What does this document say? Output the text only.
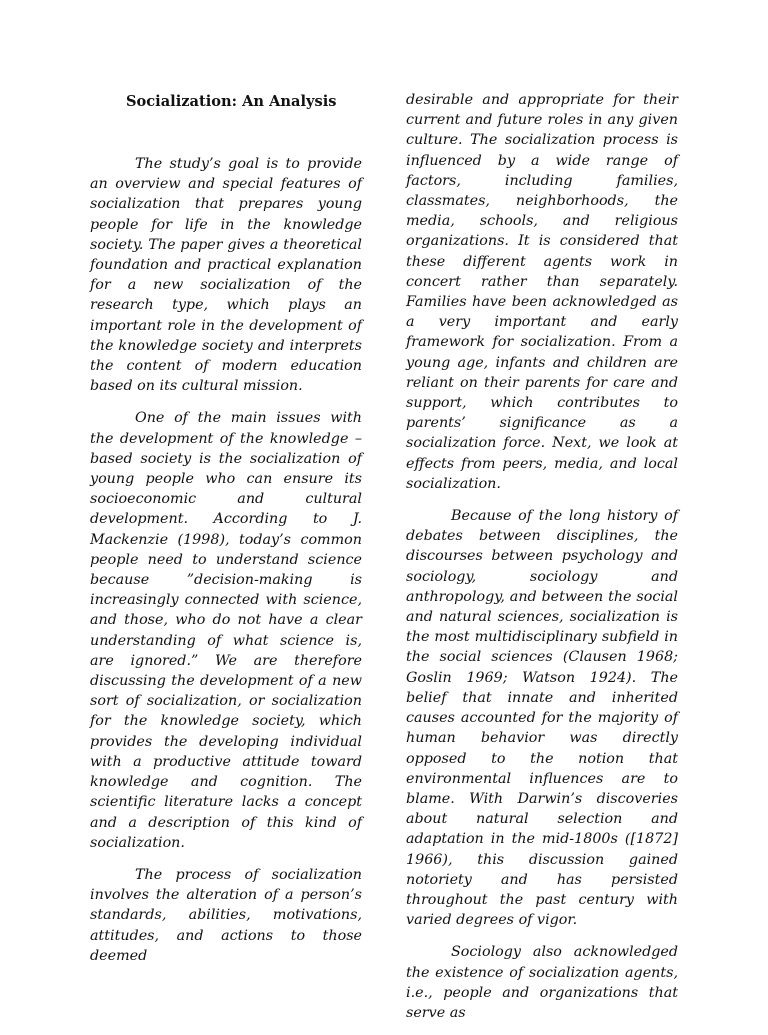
Socialization: An Analysis

The study’s goal is to provide an overview and special features of socialization that prepares young people for life in the knowledge society. The paper gives a theoretical foundation and practical explanation for a new socialization of the research type, which plays an important role in the development of the knowledge society and interprets the content of modern education based on its cultural mission.

One of the main issues with the development of the knowledge – based society is the socialization of young people who can ensure its socioeconomic and cultural development. According to J. Mackenzie (1998), today’s common people need to understand science because ”decision-making is increasingly connected with science, and those, who do not have a clear understanding of what science is, are ignored.” We are therefore discussing the development of a new sort of socialization, or socialization for the knowledge society, which provides the developing individual with a productive attitude toward knowledge and cognition. The scientific literature lacks a concept and a description of this kind of socialization.

The process of socialization involves the alteration of a person’s standards, abilities, motivations, attitudes, and actions to those deemed

desirable and appropriate for their current and future roles in any given culture. The socialization process is influenced by a wide range of factors, including families, classmates, neighborhoods, the media, schools, and religious organizations. It is considered that these different agents work in concert rather than separately. Families have been acknowledged as a very important and early framework for socialization. From a young age, infants and children are reliant on their parents for care and support, which contributes to parents’ significance as a socialization force. Next, we look at effects from peers, media, and local socialization.

Because of the long history of debates between disciplines, the discourses between psychology and sociology, sociology and anthropology, and between the social and natural sciences, socialization is the most multidisciplinary subfield in the social sciences (Clausen 1968; Goslin 1969; Watson 1924). The belief that innate and inherited causes accounted for the majority of human behavior was directly opposed to the notion that environmental influences are to blame. With Darwin’s discoveries about natural selection and adaptation in the mid-1800s ([1872] 1966), this discussion gained notoriety and has persisted throughout the past century with varied degrees of vigor.

Sociology also acknowledged the existence of socialization agents, i.e., people and organizations that serve as
